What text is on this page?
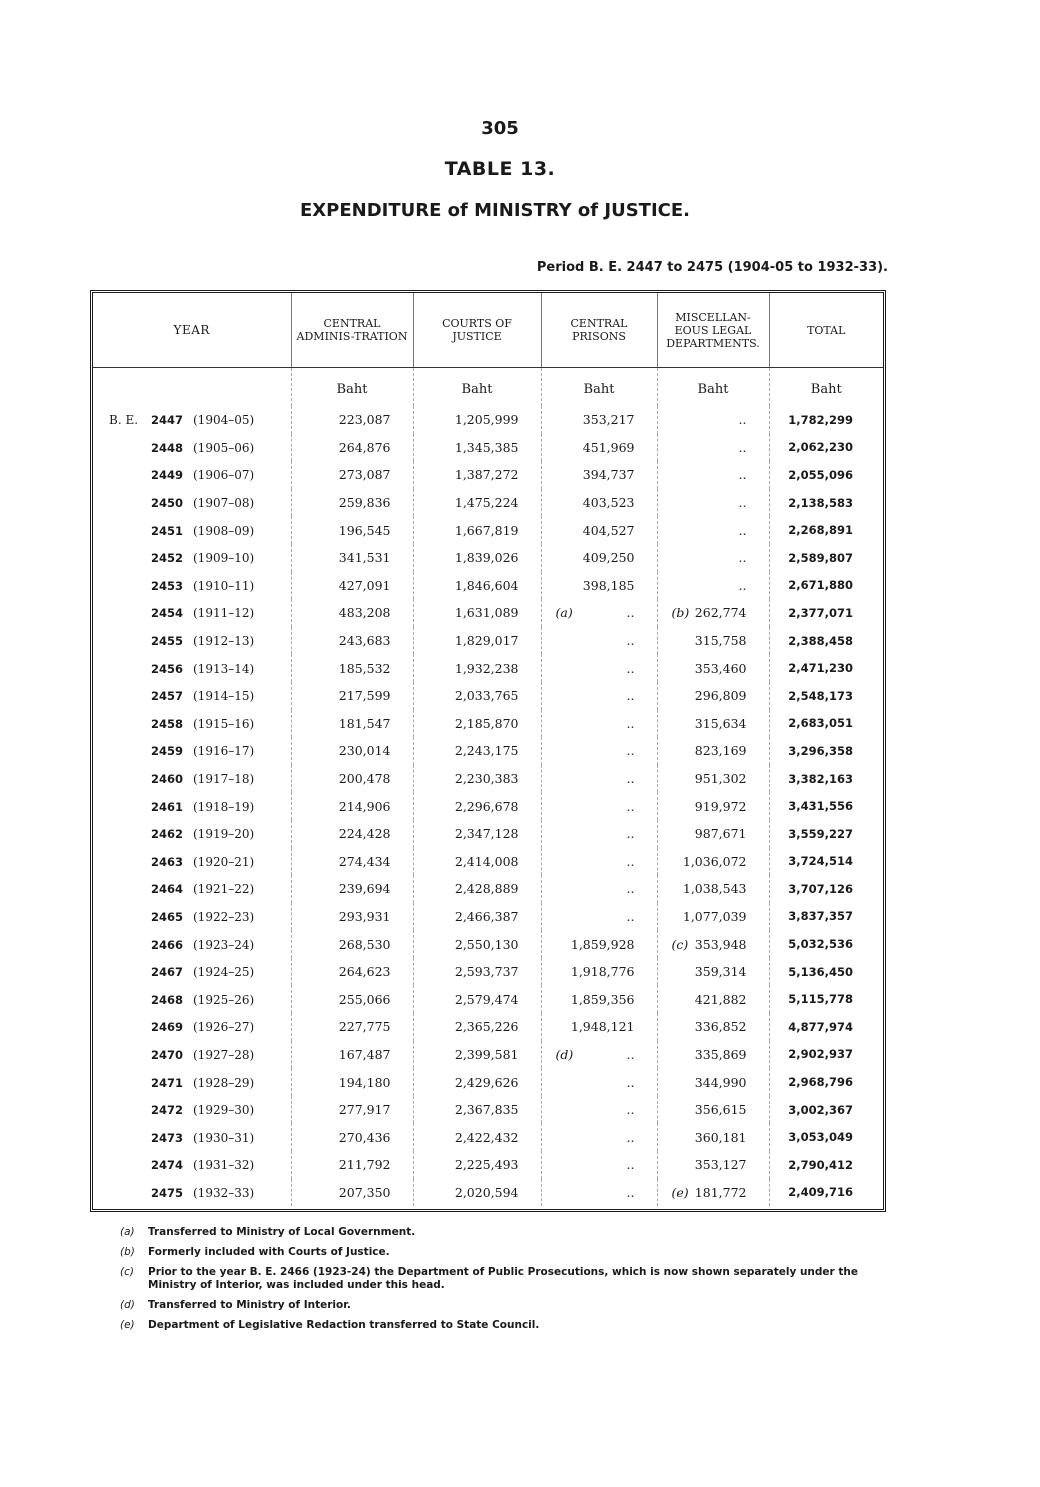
305
TABLE 13.
EXPENDITURE of MINISTRY of JUSTICE.
Period B. E. 2447 to 2475 (1904-05 to 1932-33).
YEAR	CENTRAL ADMINIS-TRATION	COURTS OF JUSTICE	CENTRAL PRISONS	MISCELLAN-EOUS LEGAL DEPARTMENTS.	TOTAL
	Baht	Baht	Baht	Baht	Baht
B. E. 2447 (1904–05)	223,087	1,205,999	353,217	..	1,782,299
2448 (1905–06)	264,876	1,345,385	451,969	..	2,062,230
2449 (1906–07)	273,087	1,387,272	394,737	..	2,055,096
2450 (1907–08)	259,836	1,475,224	403,523	..	2,138,583
2451 (1908–09)	196,545	1,667,819	404,527	..	2,268,891
2452 (1909–10)	341,531	1,839,026	409,250	..	2,589,807
2453 (1910–11)	427,091	1,846,604	398,185	..	2,671,880
2454 (1911–12)	483,208	1,631,089	(a) ..	(b) 262,774	2,377,071
2455 (1912–13)	243,683	1,829,017	..	315,758	2,388,458
2456 (1913–14)	185,532	1,932,238	..	353,460	2,471,230
2457 (1914–15)	217,599	2,033,765	..	296,809	2,548,173
2458 (1915–16)	181,547	2,185,870	..	315,634	2,683,051
2459 (1916–17)	230,014	2,243,175	..	823,169	3,296,358
2460 (1917–18)	200,478	2,230,383	..	951,302	3,382,163
2461 (1918–19)	214,906	2,296,678	..	919,972	3,431,556
2462 (1919–20)	224,428	2,347,128	..	987,671	3,559,227
2463 (1920–21)	274,434	2,414,008	..	1,036,072	3,724,514
2464 (1921–22)	239,694	2,428,889	..	1,038,543	3,707,126
2465 (1922–23)	293,931	2,466,387	..	1,077,039	3,837,357
2466 (1923–24)	268,530	2,550,130	1,859,928	(c) 353,948	5,032,536
2467 (1924–25)	264,623	2,593,737	1,918,776	359,314	5,136,450
2468 (1925–26)	255,066	2,579,474	1,859,356	421,882	5,115,778
2469 (1926–27)	227,775	2,365,226	1,948,121	336,852	4,877,974
2470 (1927–28)	167,487	2,399,581	(d) ..	335,869	2,902,937
2471 (1928–29)	194,180	2,429,626	..	344,990	2,968,796
2472 (1929–30)	277,917	2,367,835	..	356,615	3,002,367
2473 (1930–31)	270,436	2,422,432	..	360,181	3,053,049
2474 (1931–32)	211,792	2,225,493	..	353,127	2,790,412
2475 (1932–33)	207,350	2,020,594	..	(e) 181,772	2,409,716
(a)	Transferred to Ministry of Local Government.
(b)	Formerly included with Courts of Justice.
(c)	Prior to the year B. E. 2466 (1923-24) the Department of Public Prosecutions, which is now shown separately under the Ministry of Interior, was included under this head.
(d)	Transferred to Ministry of Interior.
(e)	Department of Legislative Redaction transferred to State Council.
